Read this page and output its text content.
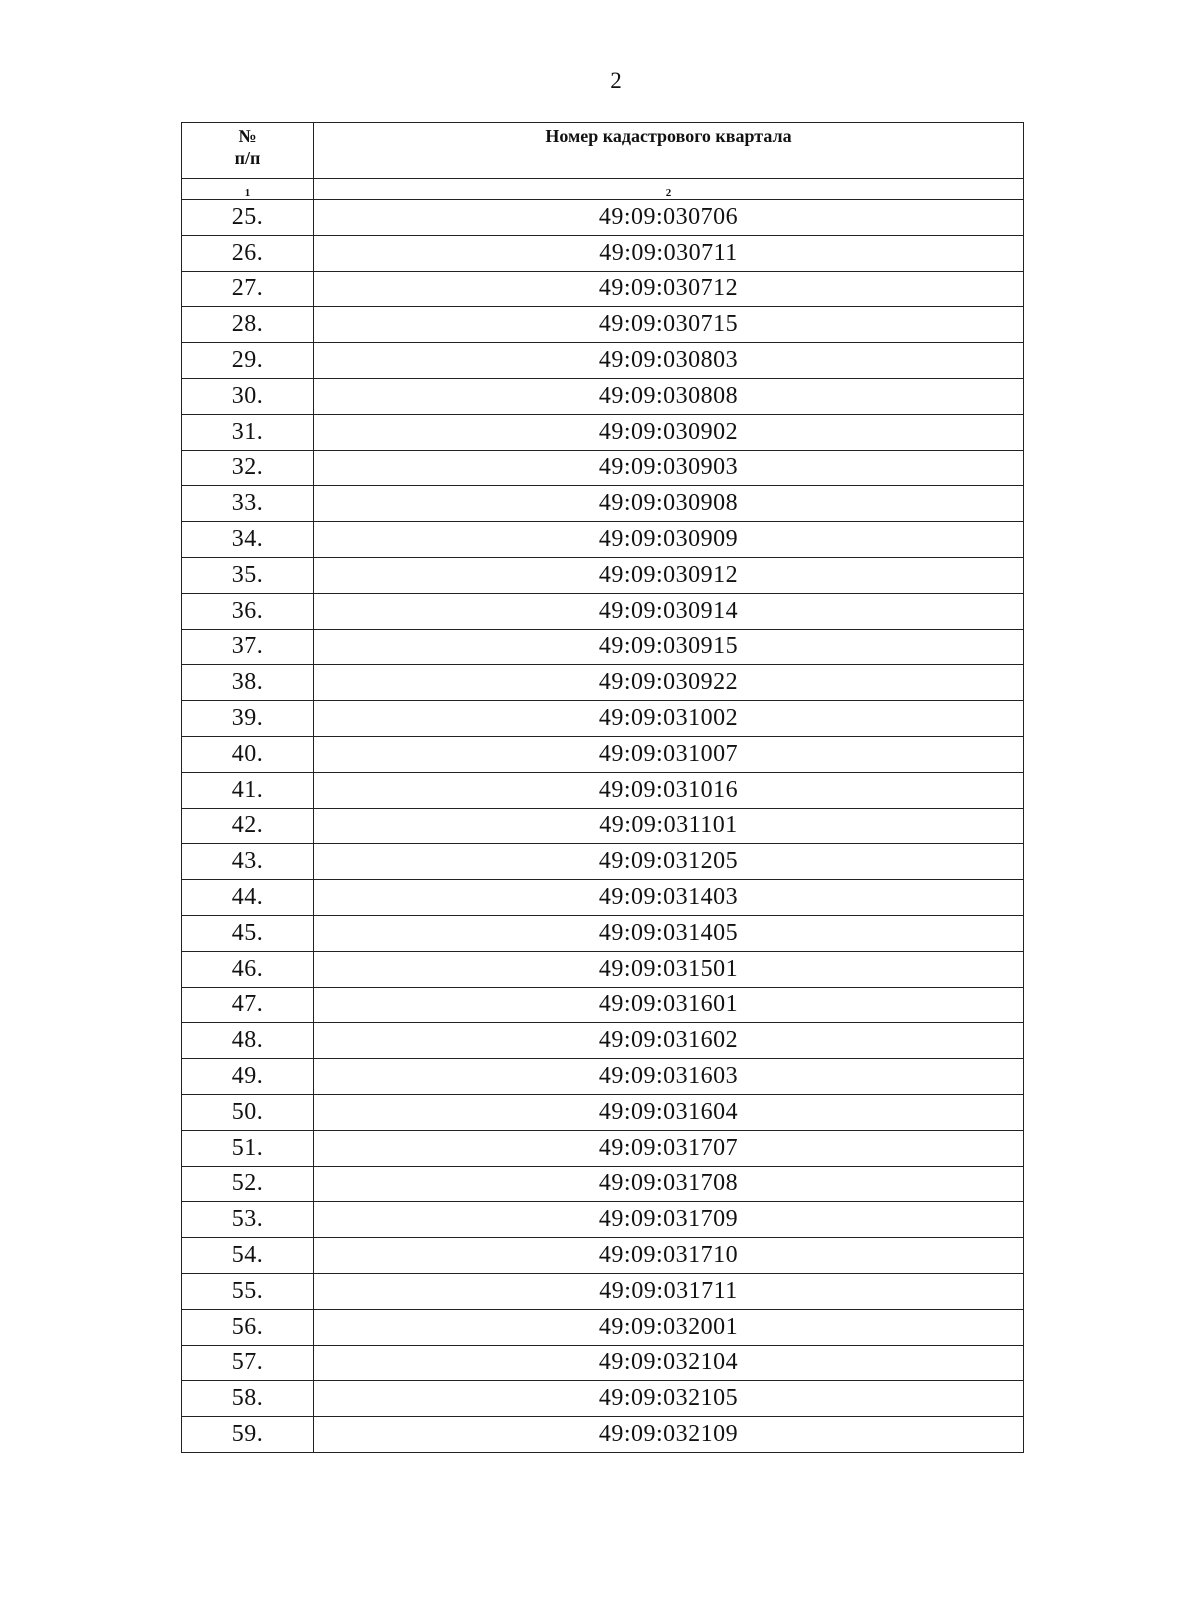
2
№
п/п	Номер кадастрового квартала
1	2
25.	49:09:030706
26.	49:09:030711
27.	49:09:030712
28.	49:09:030715
29.	49:09:030803
30.	49:09:030808
31.	49:09:030902
32.	49:09:030903
33.	49:09:030908
34.	49:09:030909
35.	49:09:030912
36.	49:09:030914
37.	49:09:030915
38.	49:09:030922
39.	49:09:031002
40.	49:09:031007
41.	49:09:031016
42.	49:09:031101
43.	49:09:031205
44.	49:09:031403
45.	49:09:031405
46.	49:09:031501
47.	49:09:031601
48.	49:09:031602
49.	49:09:031603
50.	49:09:031604
51.	49:09:031707
52.	49:09:031708
53.	49:09:031709
54.	49:09:031710
55.	49:09:031711
56.	49:09:032001
57.	49:09:032104
58.	49:09:032105
59.	49:09:032109
